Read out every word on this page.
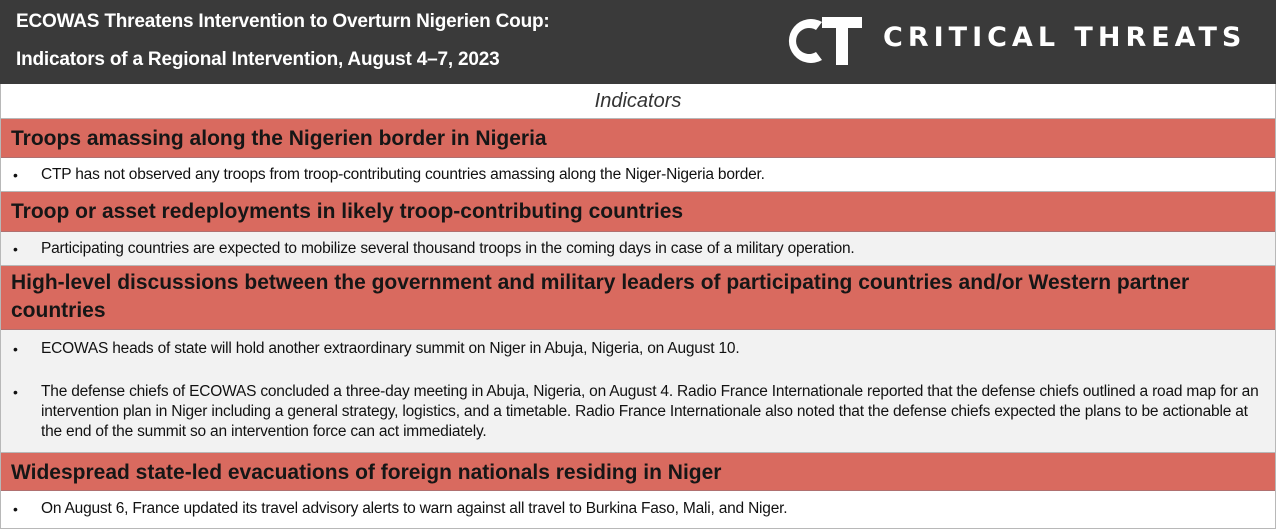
ECOWAS Threatens Intervention to Overturn Nigerien Coup:
Indicators of a Regional Intervention, August 4–7, 2023
CRITICAL THREATS
Indicators
Troops amassing along the Nigerien border in Nigeria
•	CTP has not observed any troops from troop-contributing countries amassing along the Niger-Nigeria border.
Troop or asset redeployments in likely troop-contributing countries
•	Participating countries are expected to mobilize several thousand troops in the coming days in case of a military operation.
High-level discussions between the government and military leaders of participating countries and/or Western partner countries
•	ECOWAS heads of state will hold another extraordinary summit on Niger in Abuja, Nigeria, on August 10.
•	The defense chiefs of ECOWAS concluded a three-day meeting in Abuja, Nigeria, on August 4. Radio France Internationale reported that the defense chiefs outlined a road map for an intervention plan in Niger including a general strategy, logistics, and a timetable. Radio France Internationale also noted that the defense chiefs expected the plans to be actionable at the end of the summit so an intervention force can act immediately.
Widespread state-led evacuations of foreign nationals residing in Niger
•	On August 6, France updated its travel advisory alerts to warn against all travel to Burkina Faso, Mali, and Niger.
